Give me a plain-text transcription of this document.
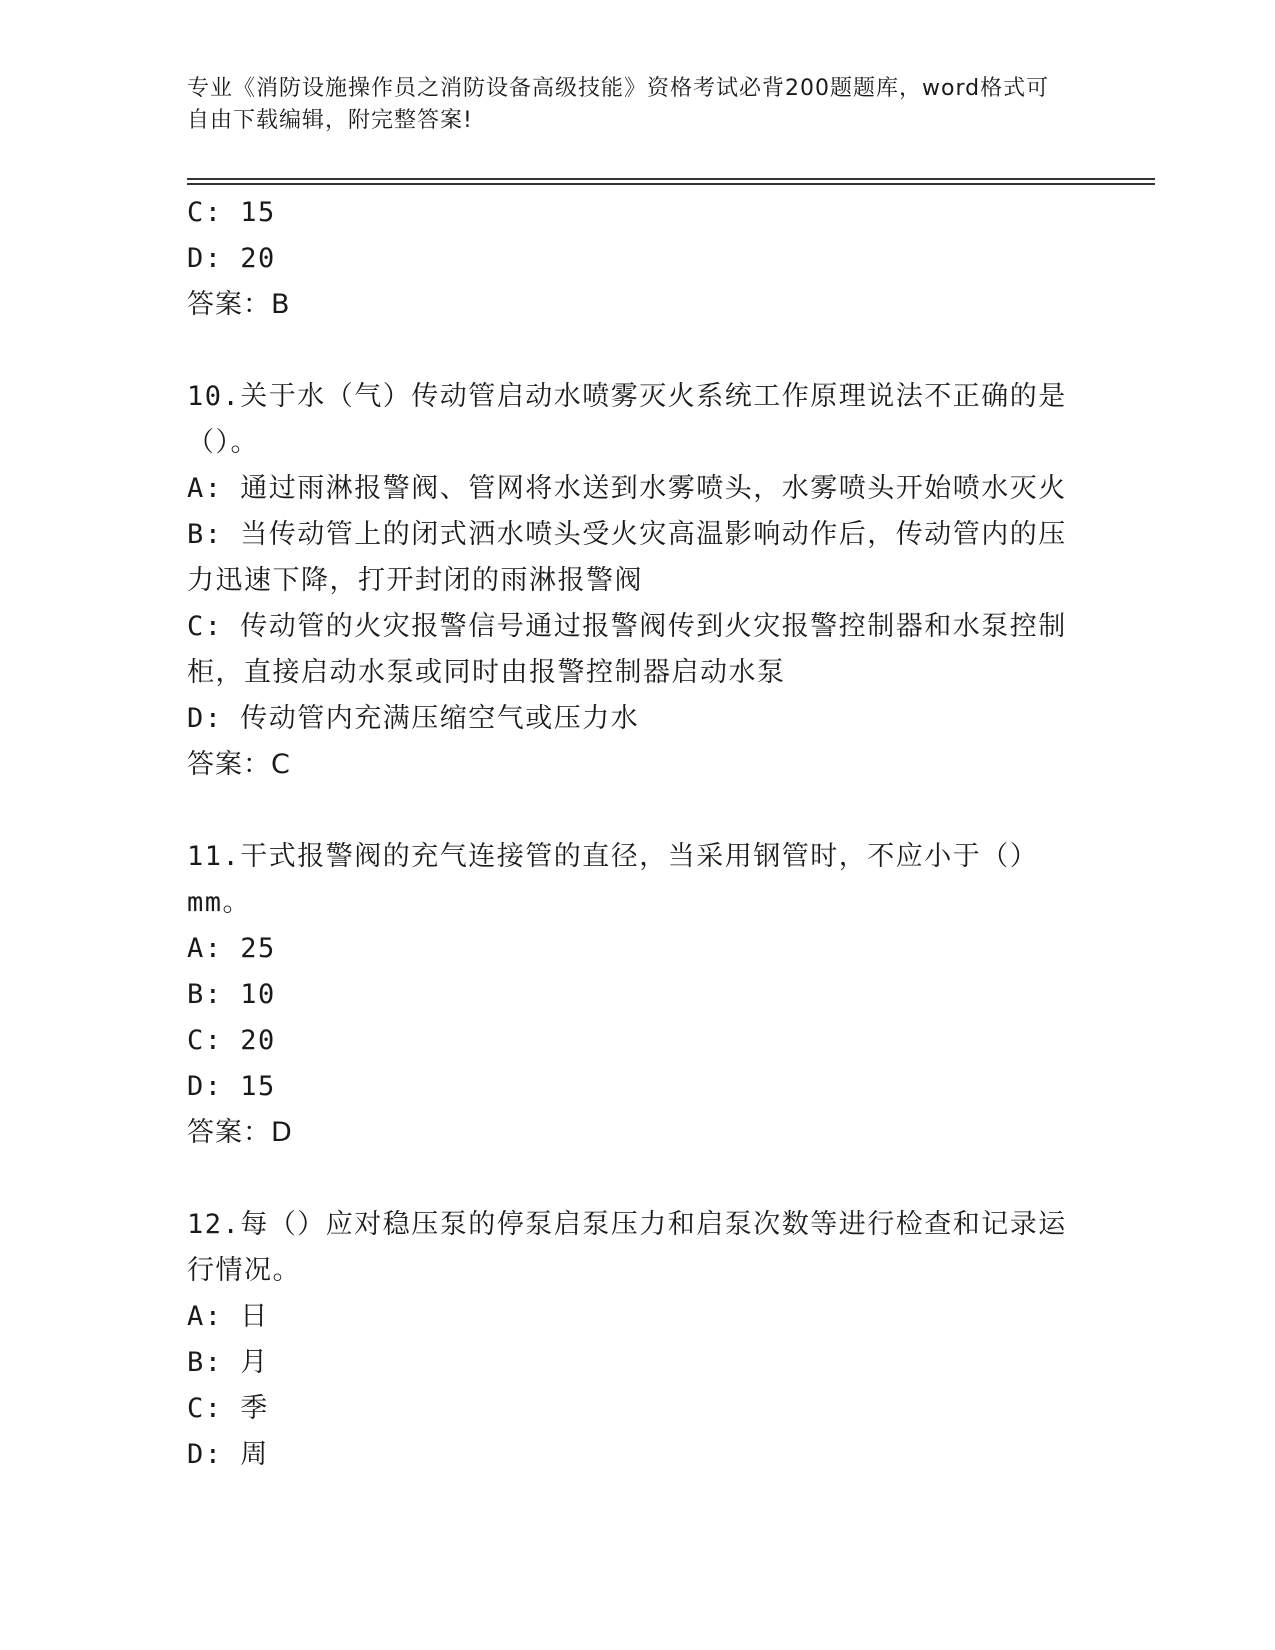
专业《消防设施操作员之消防设备高级技能》资格考试必背200题题库，word格式可自由下载编辑，附完整答案!
C: 15
D: 20
答案：B
10.关于水（气）传动管启动水喷雾灭火系统工作原理说法不正确的是（）。
A: 通过雨淋报警阀、管网将水送到水雾喷头，水雾喷头开始喷水灭火
B: 当传动管上的闭式洒水喷头受火灾高温影响动作后，传动管内的压力迅速下降，打开封闭的雨淋报警阀
C: 传动管的火灾报警信号通过报警阀传到火灾报警控制器和水泵控制柜，直接启动水泵或同时由报警控制器启动水泵
D: 传动管内充满压缩空气或压力水
答案：C
11.干式报警阀的充气连接管的直径，当采用钢管时，不应小于（）mm。
A: 25
B: 10
C: 20
D: 15
答案：D
12.每（）应对稳压泵的停泵启泵压力和启泵次数等进行检查和记录运行情况。
A: 日
B: 月
C: 季
D: 周
